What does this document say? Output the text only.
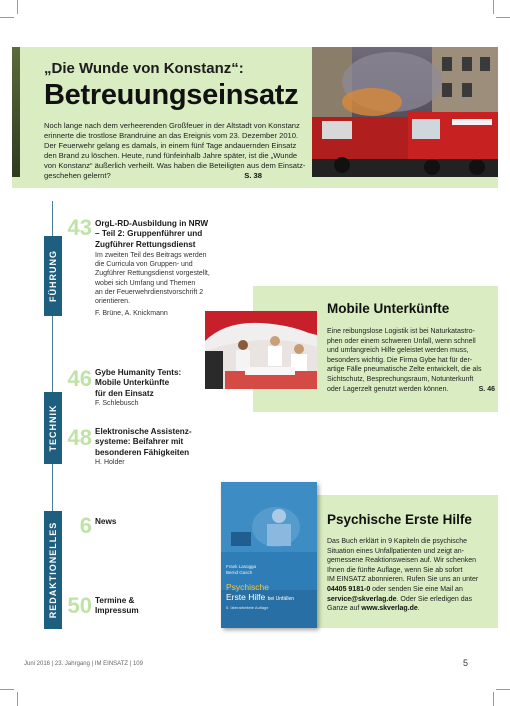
„Die Wunde von Konstanz“:
Betreuungseinsatz
Noch lange nach dem verheerenden Großfeuer in der Altstadt von Konstanz
erinnerte die trostlose Brandruine an das Ereignis vom 23. Dezember 2010.
Der Feuerwehr gelang es damals, in einem fünf Tage andauernden Einsatz
den Brand zu löschen. Heute, rund fünfeinhalb Jahre später, ist die „Wunde
von Konstanz“ äußerlich verheilt. Was haben die Beteiligten aus dem Einsatz-
geschehen gelernt?	S. 38
FÜHRUNG
TECHNIK
REDAKTIONELLES
43 OrgL-RD-Ausbildung in NRW
– Teil 2: Gruppenführer und
Zugführer Rettungsdienst
Im zweiten Teil des Beitrags werden
die Curricula von Gruppen- und
Zugführer Rettungsdienst vorgestellt,
wobei sich Umfang und Themen
an der Feuerwehrdienstvorschrift 2
orientieren.
F. Brüne, A. Knickmann
46 Gybe Humanity Tents:
Mobile Unterkünfte
für den Einsatz
F. Schlebusch
48 Elektronische Assistenz-
systeme: Beifahrer mit
besonderen Fähigkeiten
H. Holder
6 News
50 Termine &
Impressum
Mobile Unterkünfte
Eine reibungslose Logistik ist bei Naturkatastro-
phen oder einem schweren Unfall, wenn schnell
und umfangreich Hilfe geleistet werden muss,
besonders wichtig. Die Firma Gybe hat für der-
artige Fälle pneumatische Zelte entwickelt, die als
Sichtschutz, Besprechungsraum, Notunterkunft
oder Lagerzelt genutzt werden können.	S. 46
Frank Lasogga
Bernd Gasch
Psychische
Erste Hilfe bei Unfällen
5. überarbeitete Auflage
Psychische Erste Hilfe
Das Buch erklärt in 9 Kapiteln die psychische
Situation eines Unfallpatienten und zeigt an-
gemessene Reaktionsweisen auf. Wir schenken
Ihnen die fünfte Auflage, wenn Sie ab sofort
IM EINSATZ abonnieren. Rufen Sie uns an unter
04405 9181-0 oder senden Sie eine Mail an
service@skverlag.de. Oder Sie erledigen das
Ganze auf www.skverlag.de.
Juni 2016 | 23. Jahrgang | IM EINSATZ | 109	5
